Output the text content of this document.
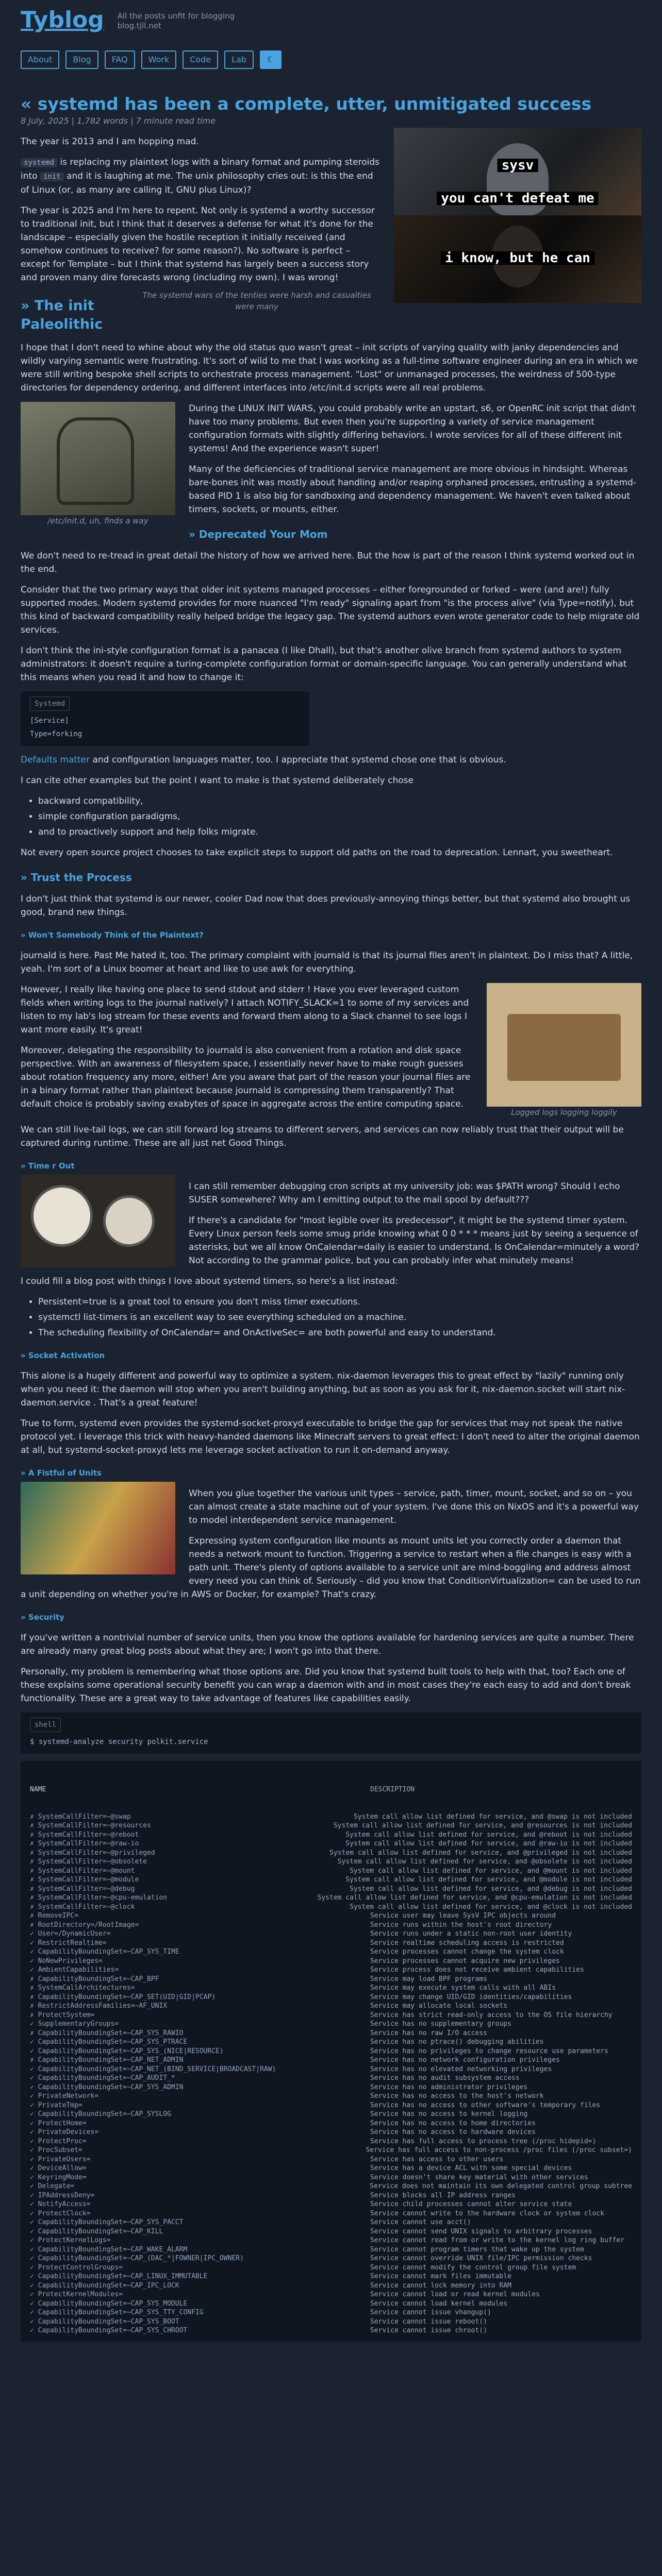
Tyblog All the posts unfit for blogging
blog.tjll.net
About	Blog	FAQ	Work	Code	Lab	☾
« systemd has been a complete, utter, unmitigated success
8 July, 2025 | 1,782 words | 7 minute read time
sysv
you can't defeat me
i know, but he can

The year is 2013 and I am hopping mad.

systemd is replacing my plaintext logs with a binary format and pumping steroids into init and it is laughing at me. The unix philosophy cries out: is this the end of Linux (or, as many are calling it, GNU plus Linux)?

The year is 2025 and I'm here to repent. Not only is systemd a worthy successor to traditional init, but I think that it deserves a defense for what it's done for the landscape – especially given the hostile reception it initially received (and somehow continues to receive? for some reason?). No software is perfect – except for Template – but I think that systemd has largely been a success story and proven many dire forecasts wrong (including my own). I was wrong!

The systemd wars of the tenties were harsh and casualties were many
» The init Paleolithic

I hope that I don't need to whine about why the old status quo wasn't great – init scripts of varying quality with janky dependencies and wildly varying semantic were frustrating. It's sort of wild to me that I was working as a full-time software engineer during an era in which we were still writing bespoke shell scripts to orchestrate process management. "Lost" or unmanaged processes, the weirdness of 500-type directories for dependency ordering, and different interfaces into /etc/init.d scripts were all real problems.

/etc/init.d, uh, finds a way

During the LINUX INIT WARS, you could probably write an upstart, s6, or OpenRC init script that didn't have too many problems. But even then you're supporting a variety of service management configuration formats with slightly differing behaviors. I wrote services for all of these different init systems! And the experience wasn't super!

Many of the deficiencies of traditional service management are more obvious in hindsight. Whereas bare-bones init was mostly about handling and/or reaping orphaned processes, entrusting a systemd-based PID 1 is also big for sandboxing and dependency management. We haven't even talked about timers, sockets, or mounts, either.

» Deprecated Your Mom

We don't need to re-tread in great detail the history of how we arrived here. But the how is part of the reason I think systemd worked out in the end.

Consider that the two primary ways that older init systems managed processes – either foregrounded or forked – were (and are!) fully supported modes. Modern systemd provides for more nuanced "I'm ready" signaling apart from "is the process alive" (via Type=notify), but this kind of backward compatibility really helped bridge the legacy gap. The systemd authors even wrote generator code to help migrate old services.

I don't think the ini-style configuration format is a panacea (I like Dhall), but that's another olive branch from systemd authors to system administrators: it doesn't require a turing-complete configuration format or domain-specific language. You can generally understand what this means when you read it and how to change it:

Systemd
[Service]
Type=forking

Defaults matter and configuration languages matter, too. I appreciate that systemd chose one that is obvious.

I can cite other examples but the point I want to make is that systemd deliberately chose

• backward compatibility,
• simple configuration paradigms,
• and to proactively support and help folks migrate.

Not every open source project chooses to take explicit steps to support old paths on the road to deprecation. Lennart, you sweetheart.

» Trust the Process

I don't just think that systemd is our newer, cooler Dad now that does previously-annoying things better, but that systemd also brought us good, brand new things.

» Won't Somebody Think of the Plaintext?

journald is here. Past Me hated it, too. The primary complaint with journald is that its journal files aren't in plaintext. Do I miss that? A little, yeah. I'm sort of a Linux boomer at heart and like to use awk for everything.

Logged logs logging loggily

However, I really like having one place to send stdout and stderr ! Have you ever leveraged custom fields when writing logs to the journal natively? I attach NOTIFY_SLACK=1 to some of my services and listen to my lab's log stream for these events and forward them along to a Slack channel to see logs I want more easily. It's great!

Moreover, delegating the responsibility to journald is also convenient from a rotation and disk space perspective. With an awareness of filesystem space, I essentially never have to make rough guesses about rotation frequency any more, either! Are you aware that part of the reason your journal files are in a binary format rather than plaintext because journald is compressing them transparently? That default choice is probably saving exabytes of space in aggregate across the entire computing space.

We can still live-tail logs, we can still forward log streams to different servers, and services can now reliably trust that their output will be captured during runtime. These are all just net Good Things.

» Time r Out

I can still remember debugging cron scripts at my university job: was $PATH wrong? Should I echo SUSER somewhere? Why am I emitting output to the mail spool by default???

If there's a candidate for "most legible over its predecessor", it might be the systemd timer system. Every Linux person feels some smug pride knowing what 0 0 * * * means just by seeing a sequence of asterisks, but we all know OnCalendar=daily is easier to understand. Is OnCalendar=minutely a word? Not according to the grammar police, but you can probably infer what minutely means!

I could fill a blog post with things I love about systemd timers, so here's a list instead:

• Persistent=true is a great tool to ensure you don't miss timer executions.
• systemctl list-timers is an excellent way to see everything scheduled on a machine.
• The scheduling flexibility of OnCalendar= and OnActiveSec= are both powerful and easy to understand.
» Socket Activation

This alone is a hugely different and powerful way to optimize a system. nix-daemon leverages this to great effect by "lazily" running only when you need it: the daemon will stop when you aren't building anything, but as soon as you ask for it, nix-daemon.socket will start nix-daemon.service . That's a great feature!

True to form, systemd even provides the systemd-socket-proxyd executable to bridge the gap for services that may not speak the native protocol yet. I leverage this trick with heavy-handed daemons like Minecraft servers to great effect: I don't need to alter the original daemon at all, but systemd-socket-proxyd lets me leverage socket activation to run it on-demand anyway.

» A Fistful of Units

When you glue together the various unit types – service, path, timer, mount, socket, and so on – you can almost create a state machine out of your system. I've done this on NixOS and it's a powerful way to model interdependent service management.

Expressing system configuration like mounts as mount units let you correctly order a daemon that needs a network mount to function. Triggering a service to restart when a file changes is easy with a path unit. There's plenty of options available to a service unit are mind-boggling and address almost every need you can think of. Seriously – did you know that ConditionVirtualization= can be used to run a unit depending on whether you're in AWS or Docker, for example? That's crazy.

» Security

If you've written a nontrivial number of service units, then you know the options available for hardening services are quite a number. There are already many great blog posts about what they are; I won't go into that there.

Personally, my problem is remembering what those options are. Did you know that systemd built tools to help with that, too? Each one of these explains some operational security benefit you can wrap a daemon with and in most cases they're each easy to add and don't break functionality. These are a great way to take advantage of features like capabilities easily.

shell
$ systemd-analyze security polkit.service

NAME	DESCRIPTION

✗ SystemCallFilter=~@swap	System call allow list defined for service, and @swap is not included
✗ SystemCallFilter=~@resources	System call allow list defined for service, and @resources is not included
✗ SystemCallFilter=~@reboot	System call allow list defined for service, and @reboot is not included
✗ SystemCallFilter=~@raw-io	System call allow list defined for service, and @raw-io is not included
✗ SystemCallFilter=~@privileged	System call allow list defined for service, and @privileged is not included
✗ SystemCallFilter=~@obsolete	System call allow list defined for service, and @obsolete is not included
✗ SystemCallFilter=~@mount	System call allow list defined for service, and @mount is not included
✗ SystemCallFilter=~@module	System call allow list defined for service, and @module is not included
✗ SystemCallFilter=~@debug	System call allow list defined for service, and @debug is not included
✗ SystemCallFilter=~@cpu-emulation	System call allow list defined for service, and @cpu-emulation is not included
✗ SystemCallFilter=~@clock	System call allow list defined for service, and @clock is not included
✗ RemoveIPC=	Service user may leave SysV IPC objects around
✗ RootDirectory=/RootImage=	Service runs within the host's root directory
✓ User=/DynamicUser=	Service runs under a static non-root user identity
✓ RestrictRealtime=	Service realtime scheduling access is restricted
✓ CapabilityBoundingSet=~CAP_SYS_TIME	Service processes cannot change the system clock
✓ NoNewPrivileges=	Service processes cannot acquire new privileges
✓ AmbientCapabilities=	Service process does not receive ambient capabilities
✗ CapabilityBoundingSet=~CAP_BPF	Service may load BPF programs
✗ SystemCallArchitectures=	Service may execute system calls with all ABIs
✗ CapabilityBoundingSet=~CAP_SET(UID|GID|PCAP)	Service may change UID/GID identities/capabilities
✗ RestrictAddressFamilies=~AF_UNIX	Service may allocate local sockets
✗ ProtectSystem=	Service has strict read-only access to the OS file hierarchy
✓ SupplementaryGroups=	Service has no supplementary groups
✗ CapabilityBoundingSet=~CAP_SYS_RAWIO	Service has no raw I/O access
✓ CapabilityBoundingSet=~CAP_SYS_PTRACE	Service has no ptrace() debugging abilities
✓ CapabilityBoundingSet=~CAP_SYS_(NICE|RESOURCE)	Service has no privileges to change resource use parameters
✗ CapabilityBoundingSet=~CAP_NET_ADMIN	Service has no network configuration privileges
✓ CapabilityBoundingSet=~CAP_NET_(BIND_SERVICE|BROADCAST|RAW)	Service has no elevated networking privileges
✓ CapabilityBoundingSet=~CAP_AUDIT_*	Service has no audit subsystem access
✓ CapabilityBoundingSet=~CAP_SYS_ADMIN	Service has no administrator privileges
✓ PrivateNetwork=	Service has no access to the host's network
✓ PrivateTmp=	Service has no access to other software's temporary files
✓ CapabilityBoundingSet=~CAP_SYSLOG	Service has no access to kernel logging
✓ ProtectHome=	Service has no access to home directories
✓ PrivateDevices=	Service has no access to hardware devices
✓ ProtectProc=	Service has full access to process tree (/proc hidepid=)
✓ ProcSubset=	Service has full access to non-process /proc files (/proc subset=)
✓ PrivateUsers=	Service has access to other users
✓ DeviceAllow=	Service has a device ACL with some special devices
✓ KeyringMode=	Service doesn't share key material with other services
✓ Delegate=	Service does not maintain its own delegated control group subtree
✓ IPAddressDeny=	Service blocks all IP address ranges
✓ NotifyAccess=	Service child processes cannot alter service state
✓ ProtectClock=	Service cannot write to the hardware clock or system clock
✓ CapabilityBoundingSet=~CAP_SYS_PACCT	Service cannot use acct()
✓ CapabilityBoundingSet=~CAP_KILL	Service cannot send UNIX signals to arbitrary processes
✓ ProtectKernelLogs=	Service cannot read from or write to the kernel log ring buffer
✓ CapabilityBoundingSet=~CAP_WAKE_ALARM	Service cannot program timers that wake up the system
✓ CapabilityBoundingSet=~CAP_(DAC_*|FOWNER|IPC_OWNER)	Service cannot override UNIX file/IPC permission checks
✓ ProtectControlGroups=	Service cannot modify the control group file system
✓ CapabilityBoundingSet=~CAP_LINUX_IMMUTABLE	Service cannot mark files immutable
✓ CapabilityBoundingSet=~CAP_IPC_LOCK	Service cannot lock memory into RAM
✓ ProtectKernelModules=	Service cannot load or read kernel modules
✓ CapabilityBoundingSet=~CAP_SYS_MODULE	Service cannot load kernel modules
✓ CapabilityBoundingSet=~CAP_SYS_TTY_CONFIG	Service cannot issue vhangup()
✓ CapabilityBoundingSet=~CAP_SYS_BOOT	Service cannot issue reboot()
✓ CapabilityBoundingSet=~CAP_SYS_CHROOT	Service cannot issue chroot()
